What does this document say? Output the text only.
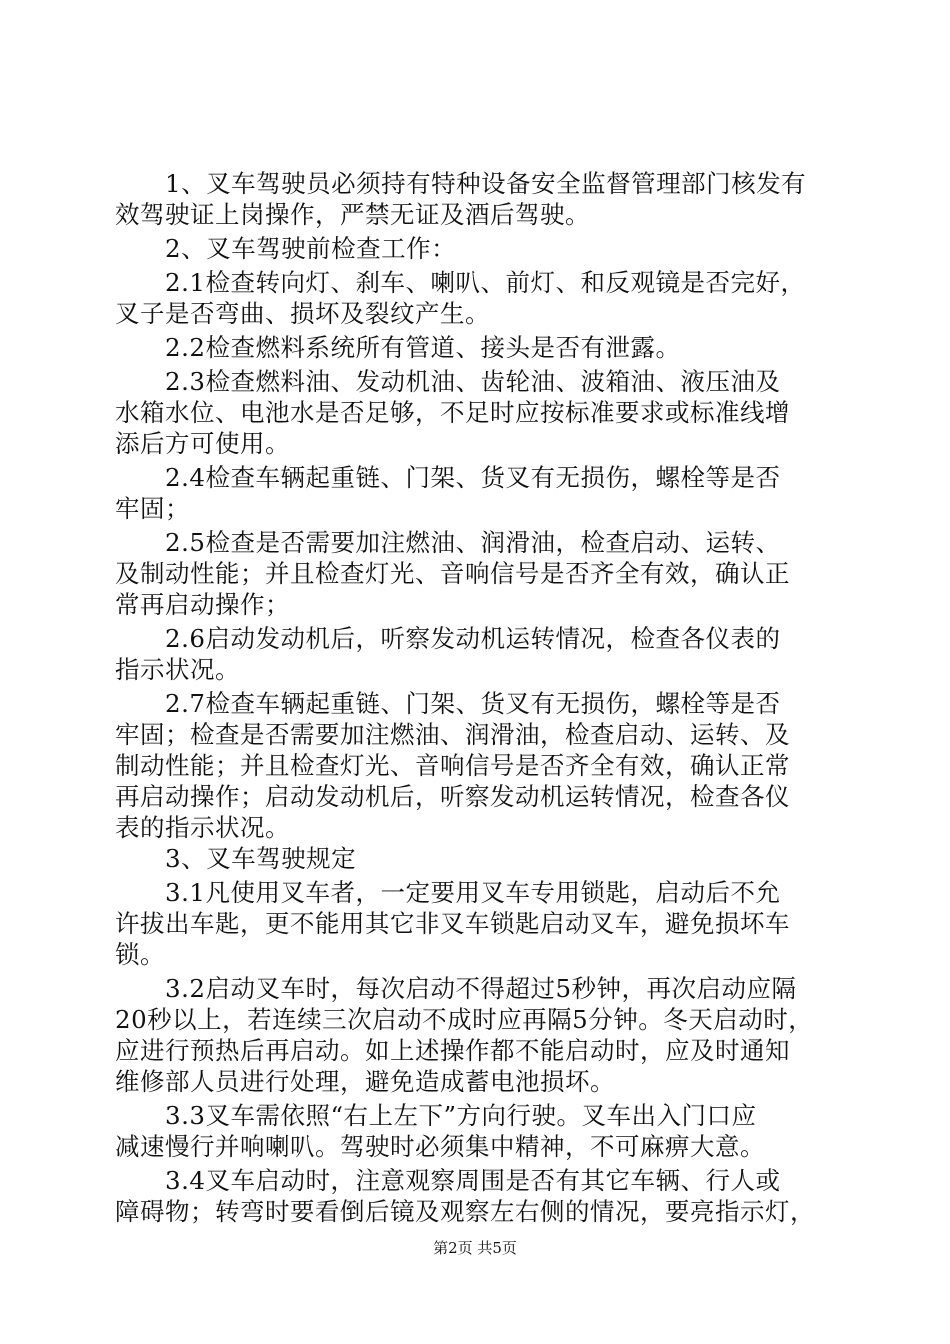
　　1、叉车驾驶员必须持有特种设备安全监督管理部门核发有
效驾驶证上岗操作，严禁无证及酒后驾驶。
　　2、叉车驾驶前检查工作：
　　2.1检查转向灯、刹车、喇叭、前灯、和反观镜是否完好，
叉子是否弯曲、损坏及裂纹产生。
　　2.2检查燃料系统所有管道、接头是否有泄露。
　　2.3检查燃料油、发动机油、齿轮油、波箱油、液压油及
水箱水位、电池水是否足够，不足时应按标准要求或标准线增
添后方可使用。
　　2.4检查车辆起重链、门架、货叉有无损伤，螺栓等是否
牢固；
　　2.5检查是否需要加注燃油、润滑油，检查启动、运转、
及制动性能；并且检查灯光、音响信号是否齐全有效，确认正
常再启动操作；
　　2.6启动发动机后，听察发动机运转情况，检查各仪表的
指示状况。
　　2.7检查车辆起重链、门架、货叉有无损伤，螺栓等是否
牢固；检查是否需要加注燃油、润滑油，检查启动、运转、及
制动性能；并且检查灯光、音响信号是否齐全有效，确认正常
再启动操作；启动发动机后，听察发动机运转情况，检查各仪
表的指示状况。
　　3、叉车驾驶规定
　　3.1凡使用叉车者，一定要用叉车专用锁匙，启动后不允
许拔出车匙，更不能用其它非叉车锁匙启动叉车，避免损坏车
锁。
　　3.2启动叉车时，每次启动不得超过5秒钟，再次启动应隔
20秒以上，若连续三次启动不成时应再隔5分钟。冬天启动时，
应进行预热后再启动。如上述操作都不能启动时，应及时通知
维修部人员进行处理，避免造成蓄电池损坏。
　　3.3叉车需依照“右上左下”方向行驶。叉车出入门口应
减速慢行并响喇叭。驾驶时必须集中精神，不可麻痹大意。
　　3.4叉车启动时，注意观察周围是否有其它车辆、行人或
障碍物；转弯时要看倒后镜及观察左右侧的情况，要亮指示灯，
第2页 共5页
